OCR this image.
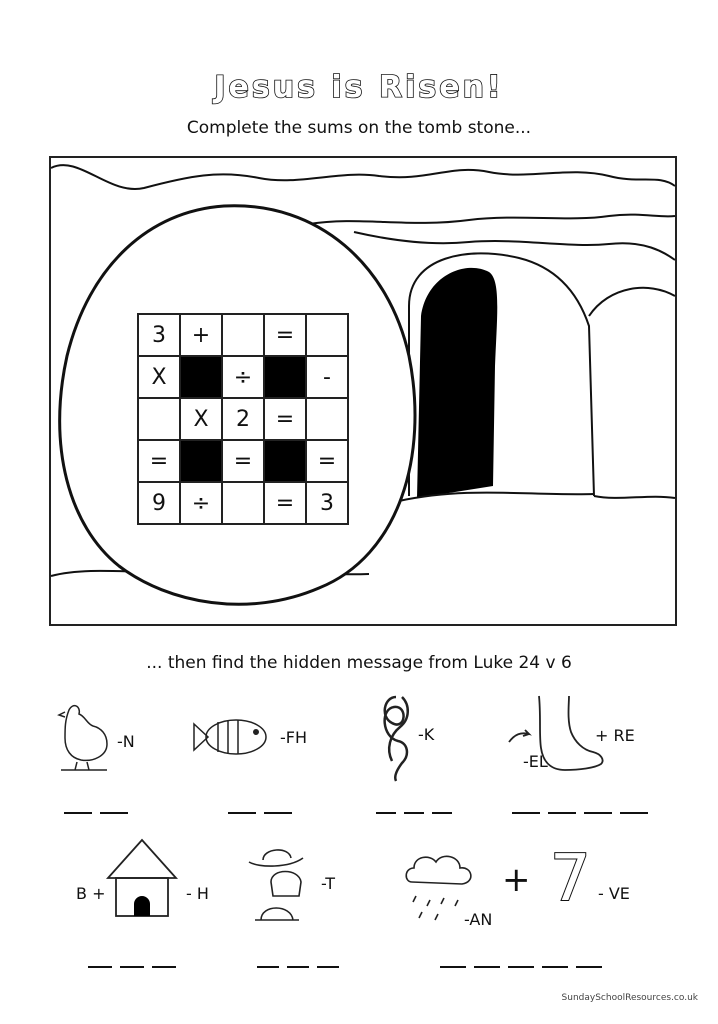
Jesus is Risen!
Complete the sums on the tomb stone...
3	+		=	
X		÷		-
	X	2	=	
=		=		=
9	÷		=	3
... then find the hidden message from Luke 24 v 6
-N	-FH	-K	+ RE
-EL
B +	- H
-T
-AN
+ 7 - VE
SundaySchoolResources.co.uk
